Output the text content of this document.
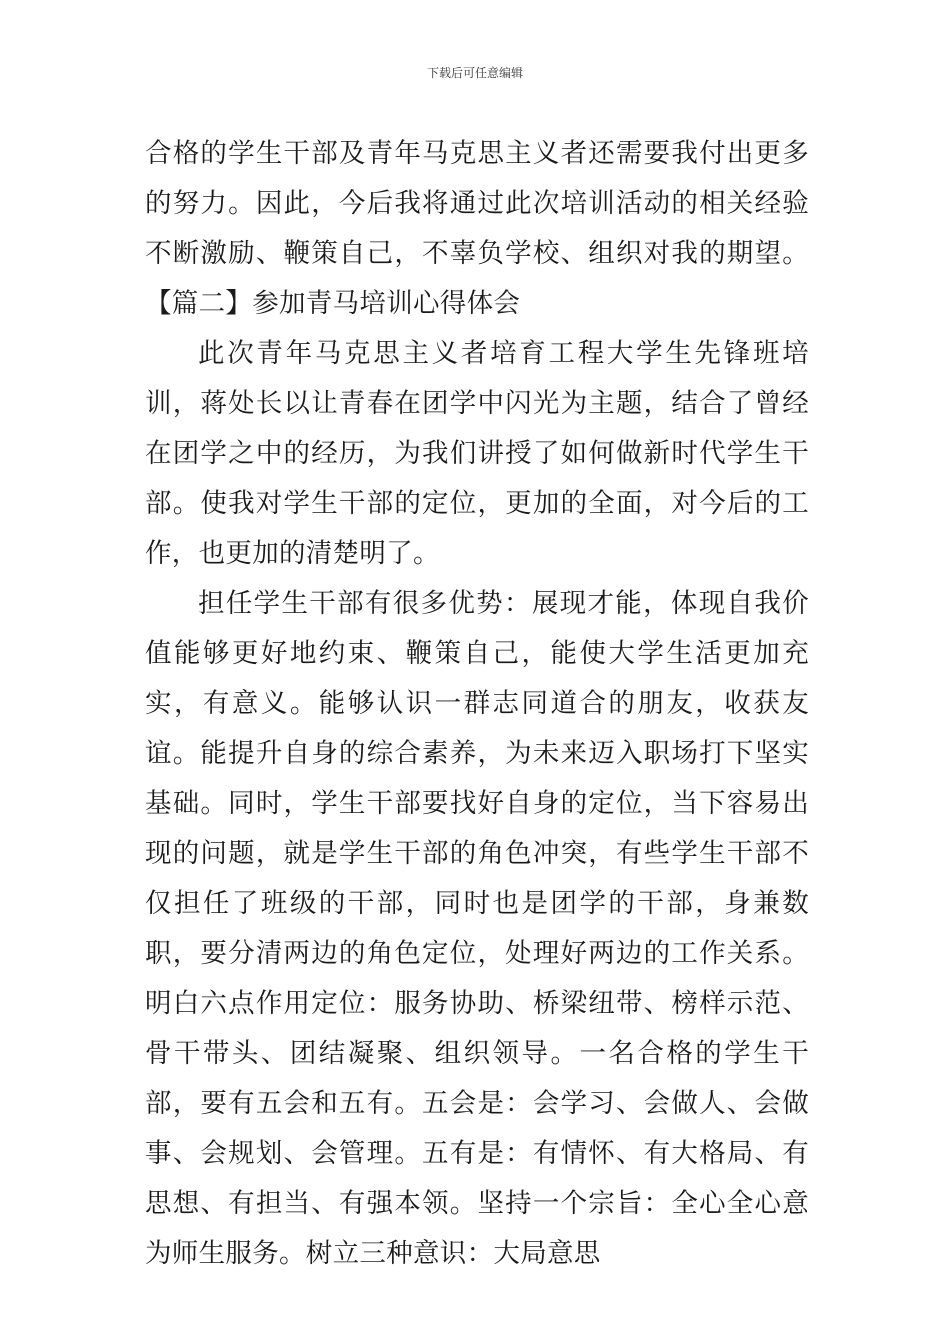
下载后可任意编辑

合格的学生干部及青年马克思主义者还需要我付出更多的努力。因此，今后我将通过此次培训活动的相关经验不断激励、鞭策自己，不辜负学校、组织对我的期望。【篇二】参加青马培训心得体会

此次青年马克思主义者培育工程大学生先锋班培训，蒋处长以让青春在团学中闪光为主题，结合了曾经在团学之中的经历，为我们讲授了如何做新时代学生干部。使我对学生干部的定位，更加的全面，对今后的工作，也更加的清楚明了。

担任学生干部有很多优势：展现才能，体现自我价值能够更好地约束、鞭策自己，能使大学生活更加充实，有意义。能够认识一群志同道合的朋友，收获友谊。能提升自身的综合素养，为未来迈入职场打下坚实基础。同时，学生干部要找好自身的定位，当下容易出现的问题，就是学生干部的角色冲突，有些学生干部不仅担任了班级的干部，同时也是团学的干部，身兼数职，要分清两边的角色定位，处理好两边的工作关系。明白六点作用定位：服务协助、桥梁纽带、榜样示范、骨干带头、团结凝聚、组织领导。一名合格的学生干部，要有五会和五有。五会是：会学习、会做人、会做事、会规划、会管理。五有是：有情怀、有大格局、有思想、有担当、有强本领。坚持一个宗旨：全心全心意为师生服务。树立三种意识：大局意思
